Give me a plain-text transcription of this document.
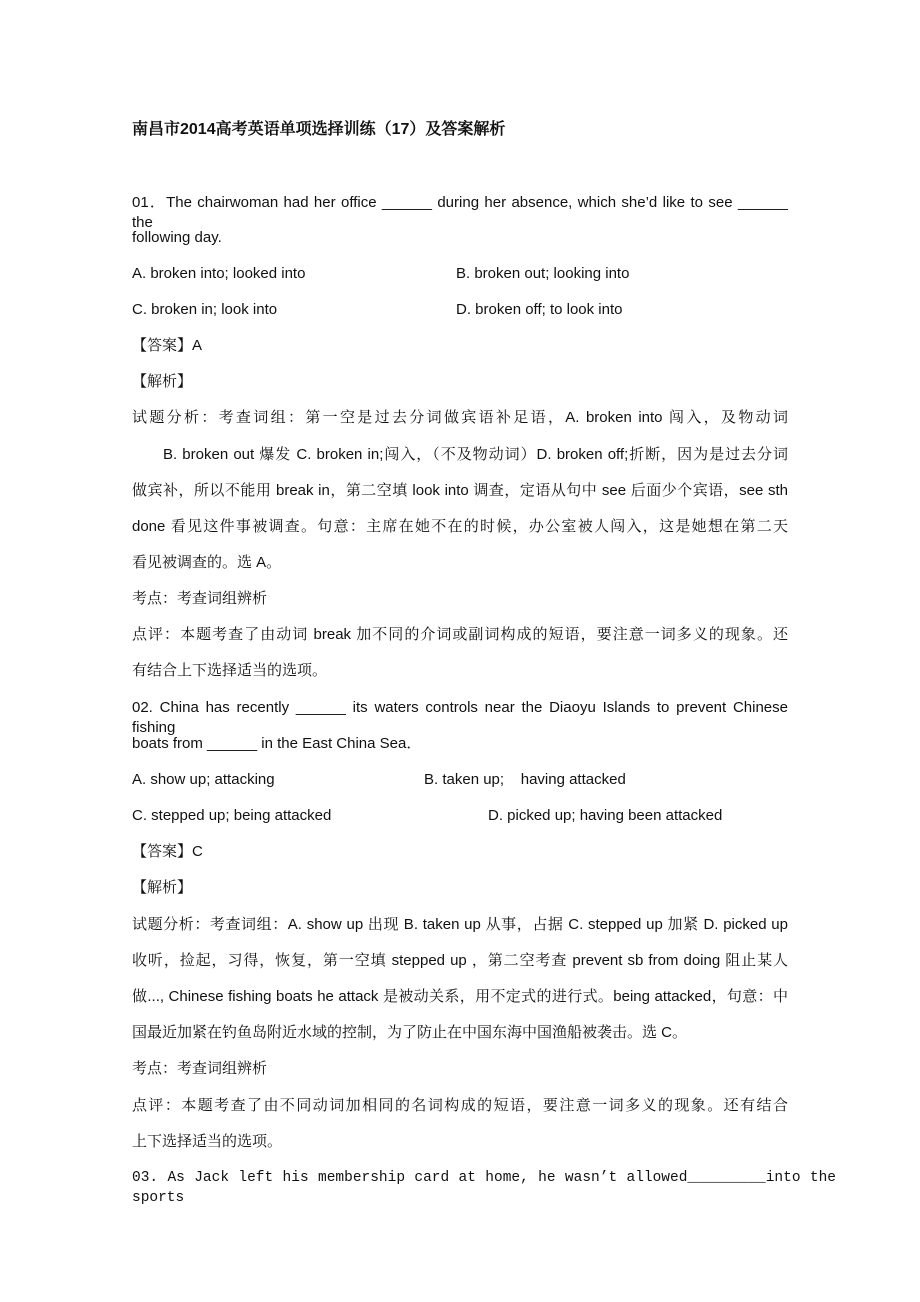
南昌市2014高考英语单项选择训练（17）及答案解析
01．The chairwoman had her office ______ during her absence, which she’d like to see ______ the
following day.
A. broken into; looked into	B. broken out; looking into
C. broken in; look into	D. broken off; to look into
【答案】A
【解析】
试题分析：考查词组：第一空是过去分词做宾语补足语，A. broken into 闯入，及物动词
B. broken out 爆发 C. broken in;闯入，（不及物动词）D. broken off;折断，因为是过去分词
做宾补，所以不能用 break in，第二空填 look into 调查，定语从句中 see 后面少个宾语，see sth
done 看见这件事被调查。句意：主席在她不在的时候，办公室被人闯入，这是她想在第二天
看见被调查的。选 A。
考点：考查词组辨析
点评：本题考查了由动词 break 加不同的介词或副词构成的短语，要注意一词多义的现象。还
有结合上下选择适当的选项。
02. China has recently ______ its waters controls near the Diaoyu Islands to prevent Chinese fishing
boats from ______ in the East China Sea．
A. show up; attacking	B. taken up;    having attacked
C. stepped up; being attacked	D. picked up; having been attacked
【答案】C
【解析】
试题分析：考查词组：A. show up 出现 B. taken up 从事，占据 C. stepped up 加紧 D. picked up
收听，捡起，习得，恢复，第一空填 stepped up ，第二空考查 prevent sb from doing 阻止某人
做..., Chinese fishing boats he attack 是被动关系，用不定式的进行式。being attacked，句意：中
国最近加紧在钓鱼岛附近水域的控制，为了防止在中国东海中国渔船被袭击。选 C。
考点：考查词组辨析
点评：本题考查了由不同动词加相同的名词构成的短语，要注意一词多义的现象。还有结合
上下选择适当的选项。
03. As Jack left his membership card at home, he wasn’t allowed_________into the sports
